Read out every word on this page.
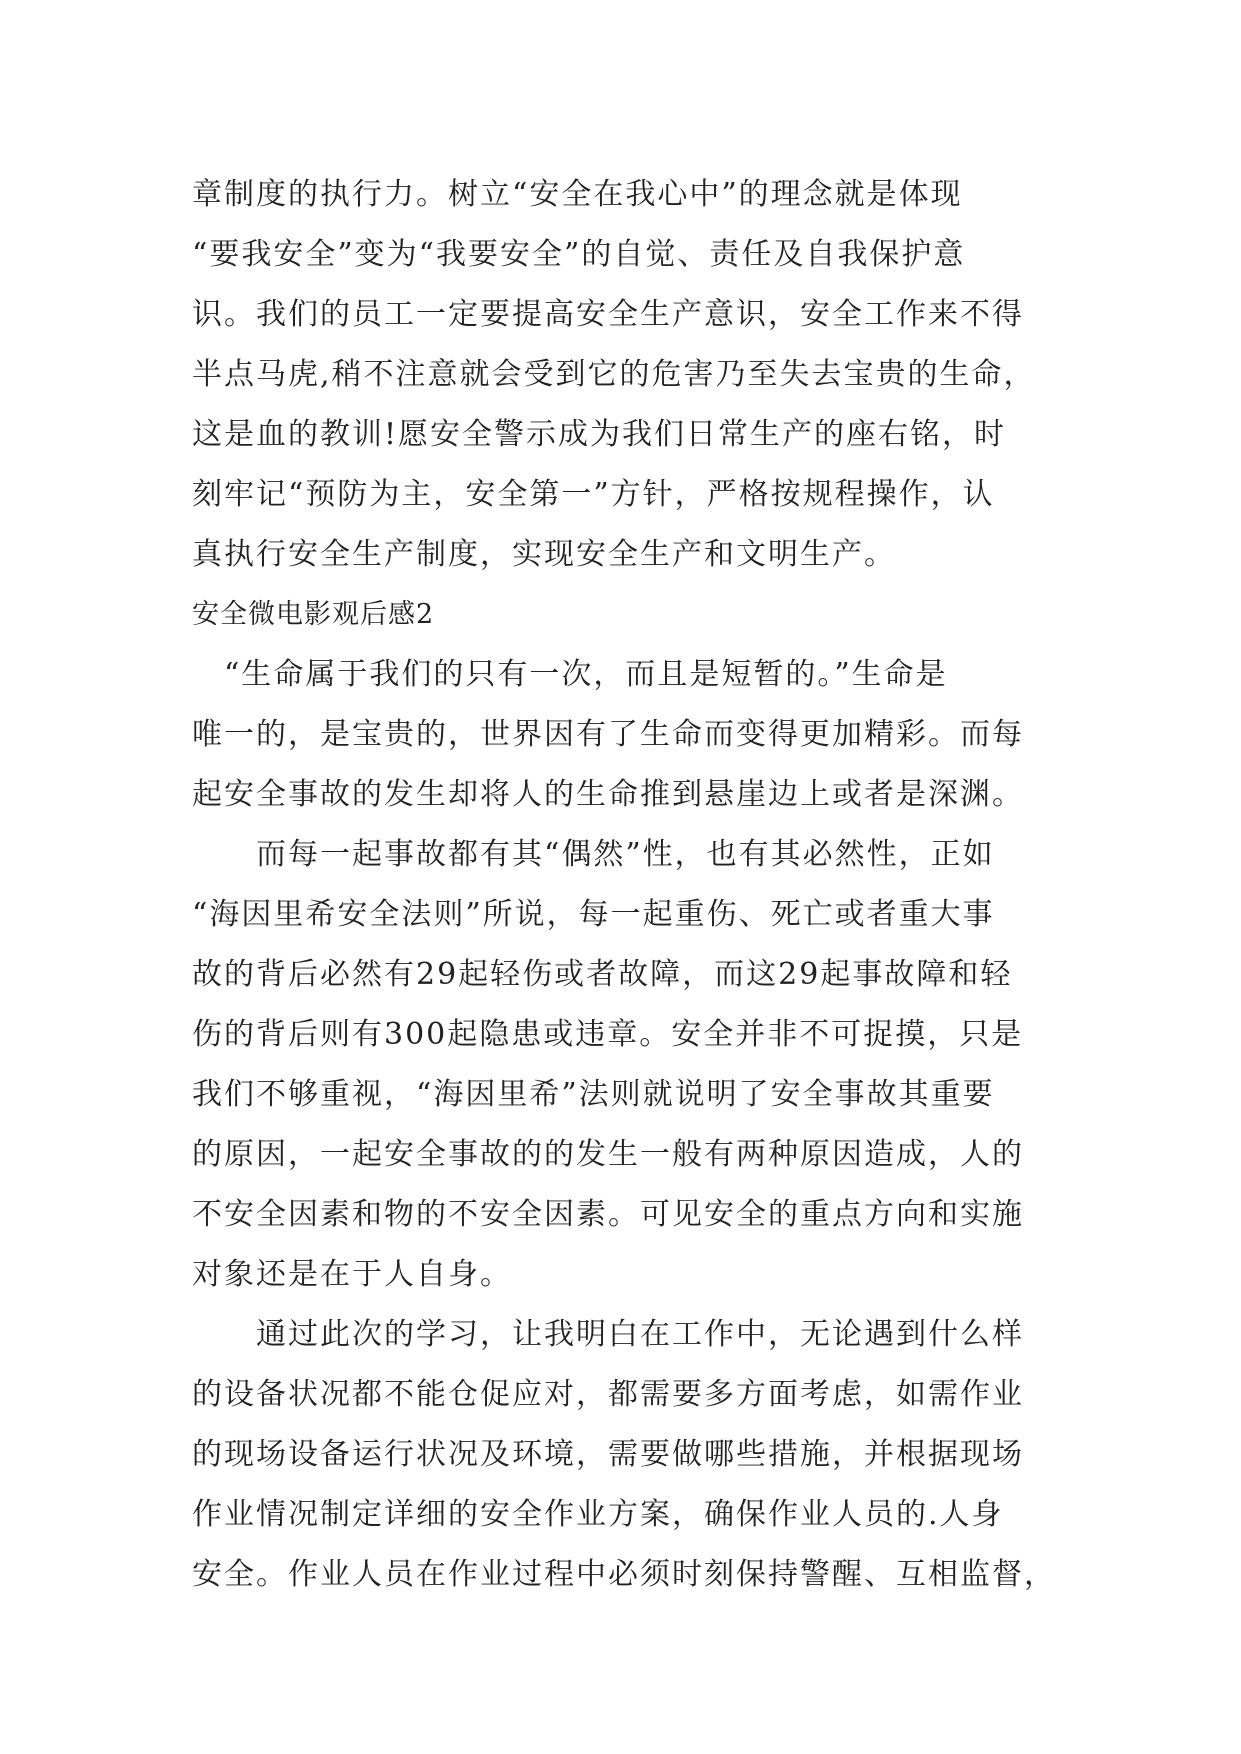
章制度的执行力。树立“安全在我心中”的理念就是体现
“要我安全”变为“我要安全”的自觉、责任及自我保护意
识。我们的员工一定要提高安全生产意识，安全工作来不得
半点马虎,稍不注意就会受到它的危害乃至失去宝贵的生命，
这是血的教训!愿安全警示成为我们日常生产的座右铭，时
刻牢记“预防为主，安全第一”方针，严格按规程操作，认
真执行安全生产制度，实现安全生产和文明生产。
安全微电影观后感2
　“生命属于我们的只有一次，而且是短暂的。”生命是
唯一的，是宝贵的，世界因有了生命而变得更加精彩。而每
起安全事故的发生却将人的生命推到悬崖边上或者是深渊。
　　而每一起事故都有其“偶然”性，也有其必然性，正如
“海因里希安全法则”所说，每一起重伤、死亡或者重大事
故的背后必然有29起轻伤或者故障，而这29起事故障和轻
伤的背后则有300起隐患或违章。安全并非不可捉摸，只是
我们不够重视，“海因里希”法则就说明了安全事故其重要
的原因，一起安全事故的的发生一般有两种原因造成，人的
不安全因素和物的不安全因素。可见安全的重点方向和实施
对象还是在于人自身。
　　通过此次的学习，让我明白在工作中，无论遇到什么样
的设备状况都不能仓促应对，都需要多方面考虑，如需作业
的现场设备运行状况及环境，需要做哪些措施，并根据现场
作业情况制定详细的安全作业方案，确保作业人员的.人身
安全。作业人员在作业过程中必须时刻保持警醒、互相监督，
